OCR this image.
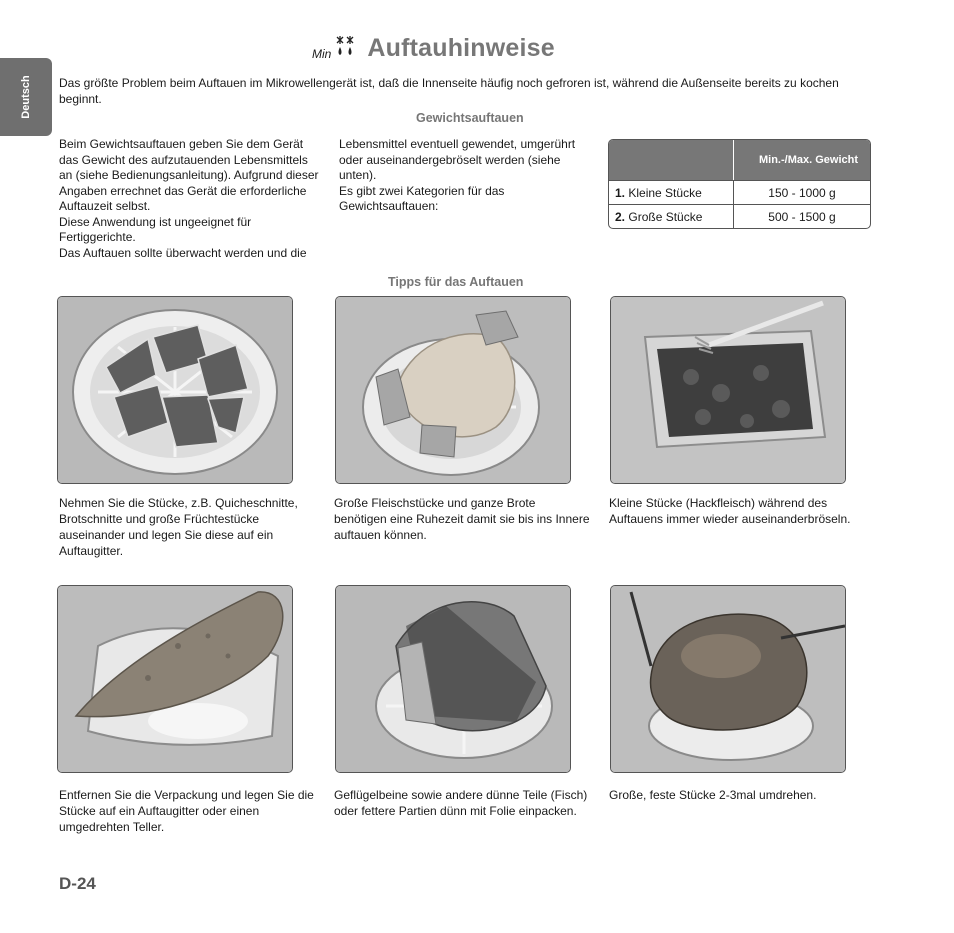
Deutsch
Min Auftauhinweise
Das größte Problem beim Auftauen im Mikrowellengerät ist, daß die Innenseite häufig noch gefroren ist, während die Außenseite bereits zu kochen beginnt.
Gewichtsauftauen

Beim Gewichtsauftauen geben Sie dem Gerät das Gewicht des aufzutauenden Lebensmittels an (siehe Bedienungsanleitung). Aufgrund dieser Angaben errechnet das Gerät die erforderliche Auftauzeit selbst.

Diese Anwendung ist ungeeignet für Fertiggerichte.

Das Auftauen sollte überwacht werden und die

Lebensmittel eventuell gewendet, umgerührt oder auseinandergebröselt werden (siehe unten).

Es gibt zwei Kategorien für das Gewichtsauftauen:

	Min.-/Max. Gewicht
1. Kleine Stücke	150 - 1000 g
2. Große Stücke	500 - 1500 g
Tipps für das Auftauen
Nehmen Sie die Stücke, z.B. Quicheschnitte, Brotschnitte und große Früchtestücke auseinander und legen Sie diese auf ein Auftaugitter.
Große Fleischstücke und ganze Brote benötigen eine Ruhezeit damit sie bis ins Innere auftauen können.
Kleine Stücke (Hackfleisch) während des Auftauens immer wieder auseinanderbröseln.
Entfernen Sie die Verpackung und legen Sie die Stücke auf ein Auftaugitter oder einen umgedrehten Teller.
Geflügelbeine sowie andere dünne Teile (Fisch) oder fettere Partien dünn mit Folie einpacken.
Große, feste Stücke 2-3mal umdrehen.
D-24
